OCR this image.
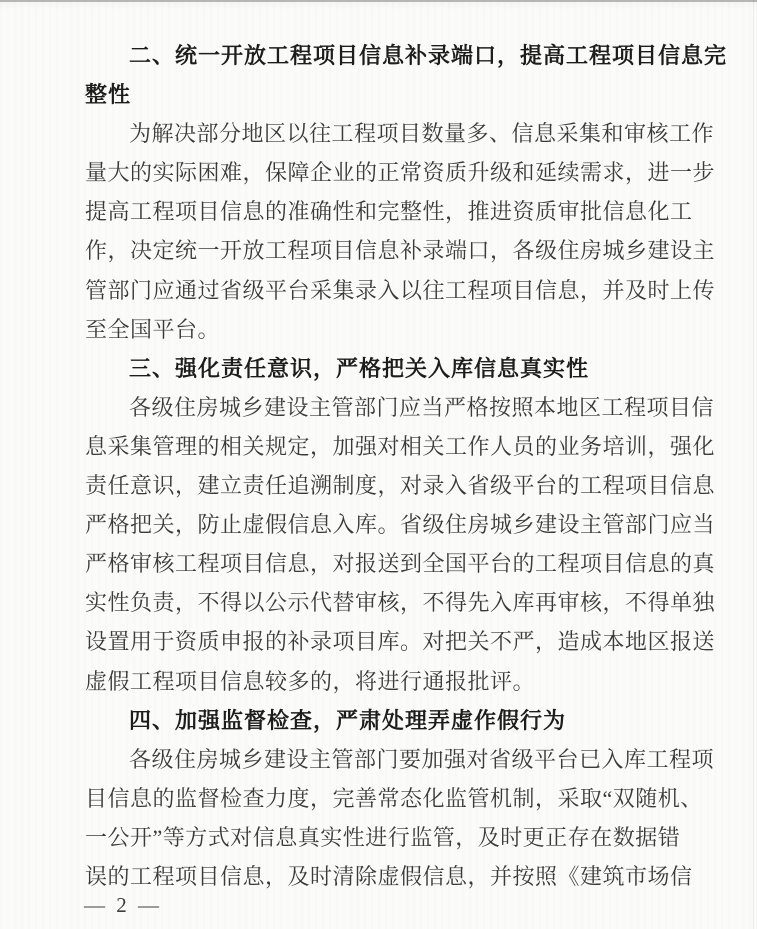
二、统一开放工程项目信息补录端口，提高工程项目信息完
整性
为解决部分地区以往工程项目数量多、信息采集和审核工作
量大的实际困难，保障企业的正常资质升级和延续需求，进一步
提高工程项目信息的准确性和完整性，推进资质审批信息化工
作，决定统一开放工程项目信息补录端口，各级住房城乡建设主
管部门应通过省级平台采集录入以往工程项目信息，并及时上传
至全国平台。
三、强化责任意识，严格把关入库信息真实性
各级住房城乡建设主管部门应当严格按照本地区工程项目信
息采集管理的相关规定，加强对相关工作人员的业务培训，强化
责任意识，建立责任追溯制度，对录入省级平台的工程项目信息
严格把关，防止虚假信息入库。省级住房城乡建设主管部门应当
严格审核工程项目信息，对报送到全国平台的工程项目信息的真
实性负责，不得以公示代替审核，不得先入库再审核，不得单独
设置用于资质申报的补录项目库。对把关不严，造成本地区报送
虚假工程项目信息较多的，将进行通报批评。
四、加强监督检查，严肃处理弄虚作假行为
各级住房城乡建设主管部门要加强对省级平台已入库工程项
目信息的监督检查力度，完善常态化监管机制，采取“双随机、
一公开”等方式对信息真实性进行监管，及时更正存在数据错
误的工程项目信息，及时清除虚假信息，并按照《建筑市场信
— 2 —
